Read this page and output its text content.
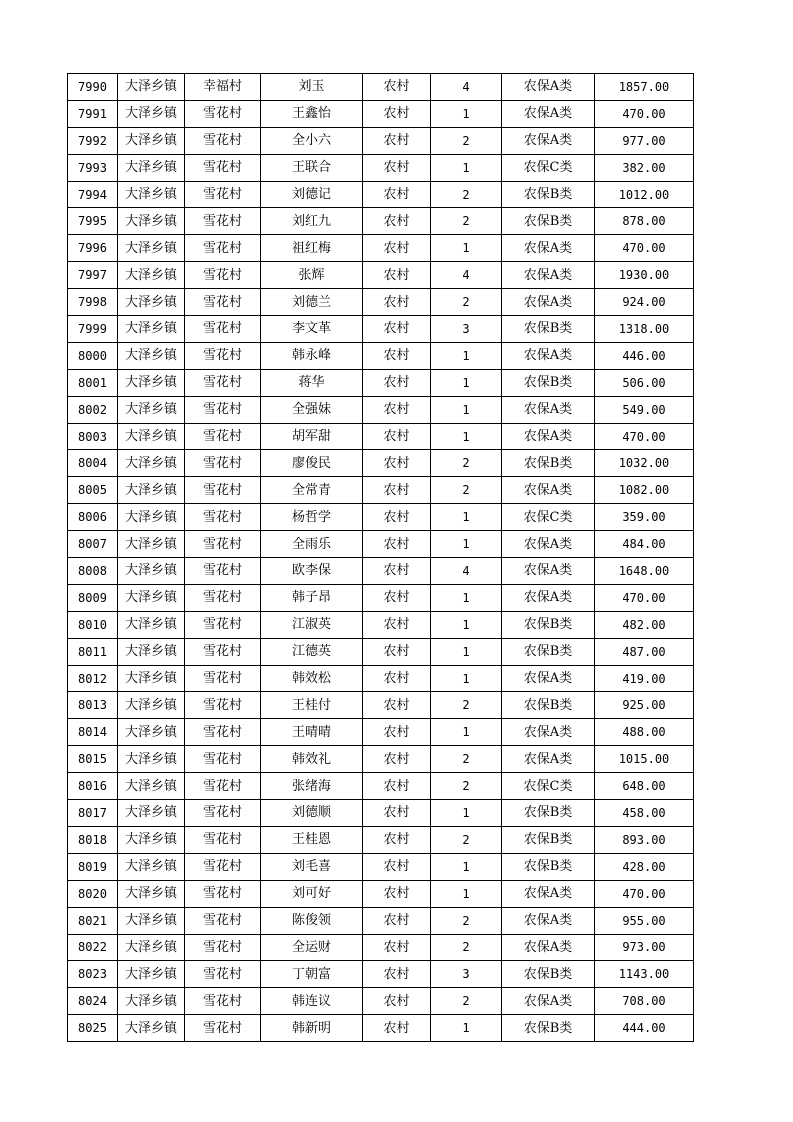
7990	大泽乡镇	幸福村	刘玉	农村	4	农保A类	1857.00
7991	大泽乡镇	雪花村	王鑫怡	农村	1	农保A类	470.00
7992	大泽乡镇	雪花村	全小六	农村	2	农保A类	977.00
7993	大泽乡镇	雪花村	王联合	农村	1	农保C类	382.00
7994	大泽乡镇	雪花村	刘德记	农村	2	农保B类	1012.00
7995	大泽乡镇	雪花村	刘红九	农村	2	农保B类	878.00
7996	大泽乡镇	雪花村	祖红梅	农村	1	农保A类	470.00
7997	大泽乡镇	雪花村	张辉	农村	4	农保A类	1930.00
7998	大泽乡镇	雪花村	刘德兰	农村	2	农保A类	924.00
7999	大泽乡镇	雪花村	李文革	农村	3	农保B类	1318.00
8000	大泽乡镇	雪花村	韩永峰	农村	1	农保A类	446.00
8001	大泽乡镇	雪花村	蒋华	农村	1	农保B类	506.00
8002	大泽乡镇	雪花村	全强妹	农村	1	农保A类	549.00
8003	大泽乡镇	雪花村	胡军甜	农村	1	农保A类	470.00
8004	大泽乡镇	雪花村	廖俊民	农村	2	农保B类	1032.00
8005	大泽乡镇	雪花村	全常青	农村	2	农保A类	1082.00
8006	大泽乡镇	雪花村	杨哲学	农村	1	农保C类	359.00
8007	大泽乡镇	雪花村	全雨乐	农村	1	农保A类	484.00
8008	大泽乡镇	雪花村	欧李保	农村	4	农保A类	1648.00
8009	大泽乡镇	雪花村	韩子昂	农村	1	农保A类	470.00
8010	大泽乡镇	雪花村	江淑英	农村	1	农保B类	482.00
8011	大泽乡镇	雪花村	江德英	农村	1	农保B类	487.00
8012	大泽乡镇	雪花村	韩效松	农村	1	农保A类	419.00
8013	大泽乡镇	雪花村	王桂付	农村	2	农保B类	925.00
8014	大泽乡镇	雪花村	王晴晴	农村	1	农保A类	488.00
8015	大泽乡镇	雪花村	韩效礼	农村	2	农保A类	1015.00
8016	大泽乡镇	雪花村	张绪海	农村	2	农保C类	648.00
8017	大泽乡镇	雪花村	刘德顺	农村	1	农保B类	458.00
8018	大泽乡镇	雪花村	王桂恩	农村	2	农保B类	893.00
8019	大泽乡镇	雪花村	刘毛喜	农村	1	农保B类	428.00
8020	大泽乡镇	雪花村	刘可好	农村	1	农保A类	470.00
8021	大泽乡镇	雪花村	陈俊领	农村	2	农保A类	955.00
8022	大泽乡镇	雪花村	全运财	农村	2	农保A类	973.00
8023	大泽乡镇	雪花村	丁朝富	农村	3	农保B类	1143.00
8024	大泽乡镇	雪花村	韩连议	农村	2	农保A类	708.00
8025	大泽乡镇	雪花村	韩新明	农村	1	农保B类	444.00
